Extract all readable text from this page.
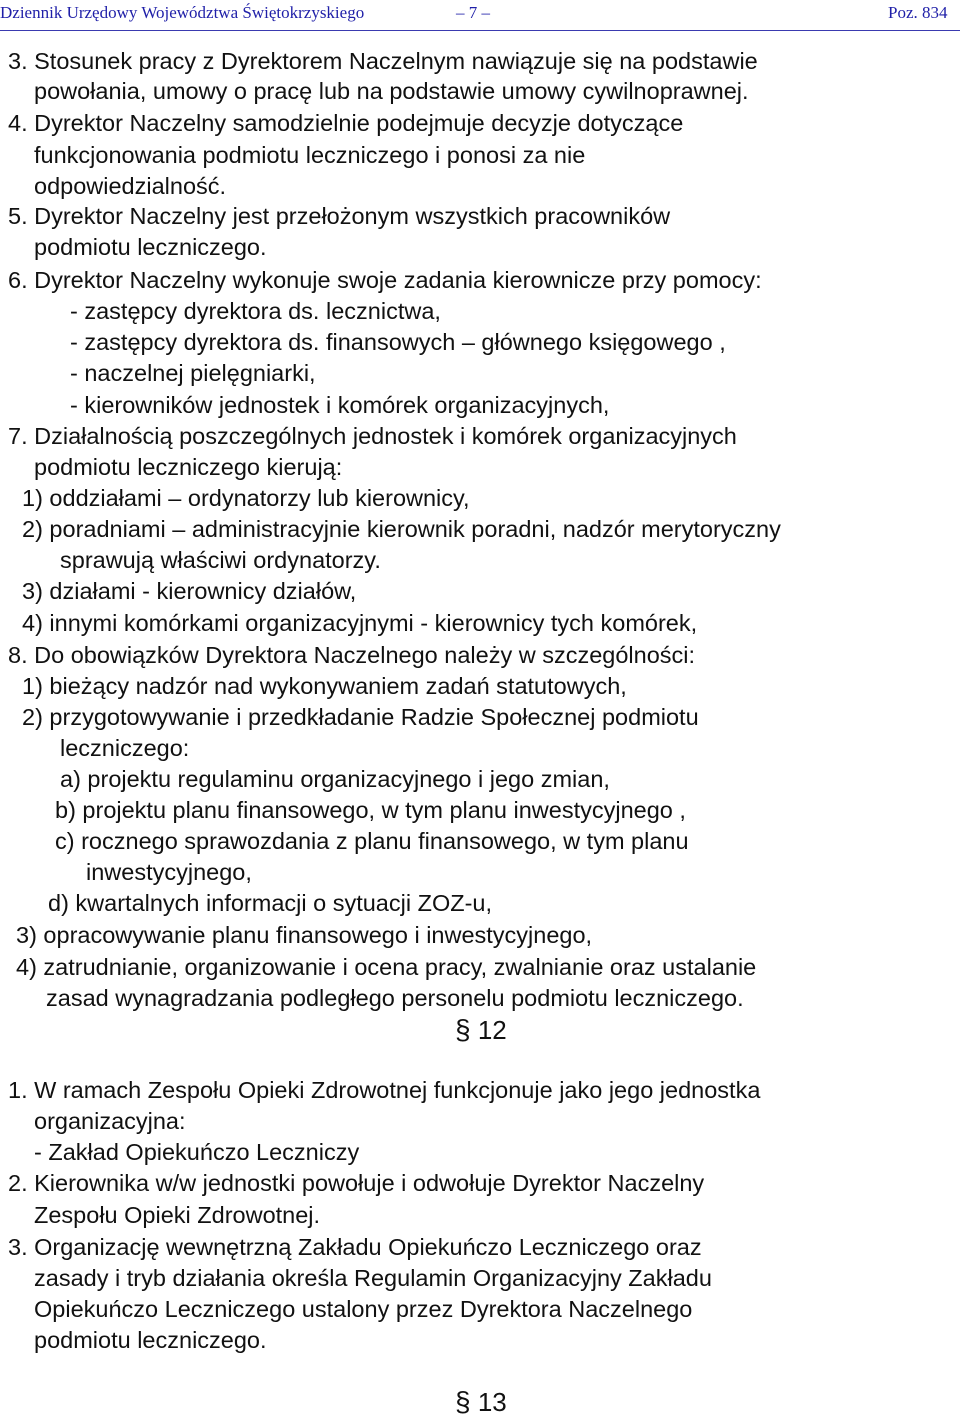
Dziennik Urzędowy Województwa Świętokrzyskiego	– 7 –	Poz. 834
3. Stosunek pracy z Dyrektorem Naczelnym nawiązuje się na podstawie
powołania, umowy o pracę lub na podstawie umowy cywilnoprawnej.
4. Dyrektor Naczelny samodzielnie podejmuje decyzje dotyczące
funkcjonowania podmiotu leczniczego i ponosi za nie
odpowiedzialność.
5. Dyrektor Naczelny jest przełożonym wszystkich pracowników
podmiotu leczniczego.
6. Dyrektor Naczelny wykonuje swoje zadania kierownicze przy pomocy:
- zastępcy dyrektora ds. lecznictwa,
- zastępcy dyrektora ds. finansowych – głównego księgowego ,
- naczelnej pielęgniarki,
- kierowników jednostek i komórek organizacyjnych,
7. Działalnością poszczególnych jednostek i komórek organizacyjnych
podmiotu leczniczego kierują:
1) oddziałami – ordynatorzy lub kierownicy,
2) poradniami – administracyjnie kierownik poradni, nadzór merytoryczny
sprawują właściwi ordynatorzy.
3) działami - kierownicy działów,
4) innymi komórkami organizacyjnymi - kierownicy tych komórek,
8. Do obowiązków Dyrektora Naczelnego należy w szczególności:
1) bieżący nadzór nad wykonywaniem zadań statutowych,
2) przygotowywanie i przedkładanie Radzie Społecznej podmiotu
leczniczego:
a) projektu regulaminu organizacyjnego i jego zmian,
b) projektu planu finansowego, w tym planu inwestycyjnego ,
c) rocznego sprawozdania z planu finansowego, w tym planu
inwestycyjnego,
d) kwartalnych informacji o sytuacji ZOZ-u,
3) opracowywanie planu finansowego i inwestycyjnego,
4) zatrudnianie, organizowanie i ocena pracy, zwalnianie oraz ustalanie
zasad wynagradzania podległego personelu podmiotu leczniczego.
§ 12
1. W ramach Zespołu Opieki Zdrowotnej funkcjonuje jako jego jednostka
organizacyjna:
- Zakład Opiekuńczo Leczniczy
2. Kierownika w/w jednostki powołuje i odwołuje Dyrektor Naczelny
Zespołu Opieki Zdrowotnej.
3. Organizację wewnętrzną Zakładu Opiekuńczo Leczniczego oraz
zasady i tryb działania określa Regulamin Organizacyjny Zakładu
Opiekuńczo Leczniczego ustalony przez Dyrektora Naczelnego
podmiotu leczniczego.
§ 13
